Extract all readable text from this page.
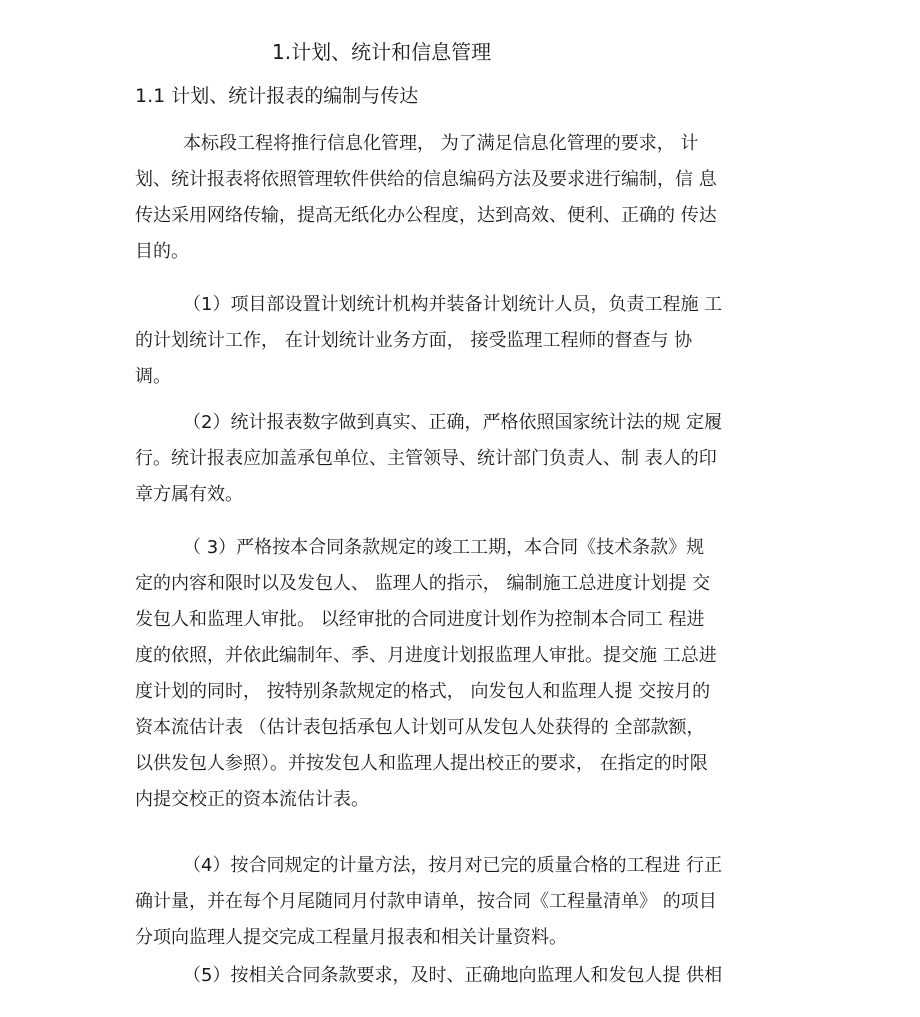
1.计划、统计和信息管理
1.1 计划、统计报表的编制与传达
本标段工程将推行信息化管理， 为了满足信息化管理的要求， 计
划、统计报表将依照管理软件供给的信息编码方法及要求进行编制，信 息
传达采用网络传输，提高无纸化办公程度，达到高效、便利、正确的 传达
目的。
（1）项目部设置计划统计机构并装备计划统计人员，负责工程施 工
的计划统计工作， 在计划统计业务方面， 接受监理工程师的督查与 协
调。
（2）统计报表数字做到真实、正确，严格依照国家统计法的规 定履
行。统计报表应加盖承包单位、主管领导、统计部门负责人、制 表人的印
章方属有效。
（ 3）严格按本合同条款规定的竣工工期，本合同《技术条款》规
定的内容和限时以及发包人、 监理人的指示， 编制施工总进度计划提 交
发包人和监理人审批。 以经审批的合同进度计划作为控制本合同工 程进
度的依照，并依此编制年、季、月进度计划报监理人审批。提交施 工总进
度计划的同时， 按特别条款规定的格式， 向发包人和监理人提 交按月的
资本流估计表 （估计表包括承包人计划可从发包人处获得的 全部款额，
以供发包人参照）。并按发包人和监理人提出校正的要求， 在指定的时限
内提交校正的资本流估计表。
（4）按合同规定的计量方法，按月对已完的质量合格的工程进 行正
确计量，并在每个月尾随同月付款申请单，按合同《工程量清单》 的项目
分项向监理人提交完成工程量月报表和相关计量资料。
（5）按相关合同条款要求，及时、正确地向监理人和发包人提 供相
